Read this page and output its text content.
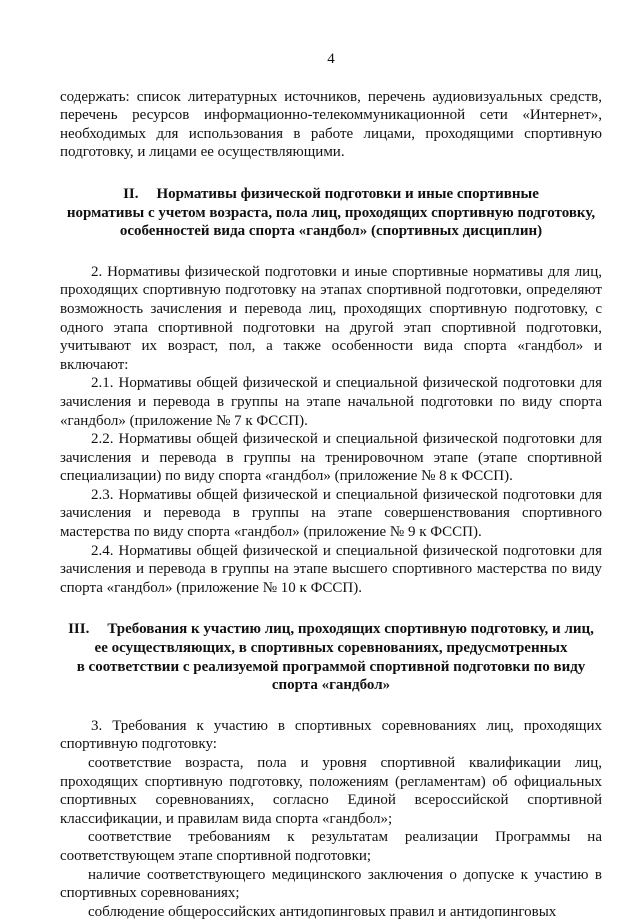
4

содержать: список литературных источников, перечень аудиовизуальных средств, перечень ресурсов информационно-телекоммуникационной сети «Интернет», необходимых для использования в работе лицами, проходящими спортивную подготовку, и лицами ее осуществляющими.

II. Нормативы физической подготовки и иные спортивные
нормативы с учетом возраста, пола лиц, проходящих спортивную подготовку,
особенностей вида спорта «гандбол» (спортивных дисциплин)

2. Нормативы физической подготовки и иные спортивные нормативы для лиц, проходящих спортивную подготовку на этапах спортивной подготовки, определяют возможность зачисления и перевода лиц, проходящих спортивную подготовку, с одного этапа спортивной подготовки на другой этап спортивной подготовки, учитывают их возраст, пол, а также особенности вида спорта «гандбол» и включают:

2.1. Нормативы общей физической и специальной физической подготовки для зачисления и перевода в группы на этапе начальной подготовки по виду спорта «гандбол» (приложение № 7 к ФССП).

2.2. Нормативы общей физической и специальной физической подготовки для зачисления и перевода в группы на тренировочном этапе (этапе спортивной специализации) по виду спорта «гандбол» (приложение № 8 к ФССП).

2.3. Нормативы общей физической и специальной физической подготовки для зачисления и перевода в группы на этапе совершенствования спортивного мастерства по виду спорта «гандбол» (приложение № 9 к ФССП).

2.4. Нормативы общей физической и специальной физической подготовки для зачисления и перевода в группы на этапе высшего спортивного мастерства по виду спорта «гандбол» (приложение № 10 к ФССП).

III. Требования к участию лиц, проходящих спортивную подготовку, и лиц,
ее осуществляющих, в спортивных соревнованиях, предусмотренных
в соответствии с реализуемой программой спортивной подготовки по виду
спорта «гандбол»

3. Требования к участию в спортивных соревнованиях лиц, проходящих спортивную подготовку:

соответствие возраста, пола и уровня спортивной квалификации лиц, проходящих спортивную подготовку, положениям (регламентам) об официальных спортивных соревнованиях, согласно Единой всероссийской спортивной классификации, и правилам вида спорта «гандбол»;

соответствие требованиям к результатам реализации Программы на соответствующем этапе спортивной подготовки;

наличие соответствующего медицинского заключения о допуске к участию в спортивных соревнованиях;

соблюдение общероссийских антидопинговых правил и антидопинговых
